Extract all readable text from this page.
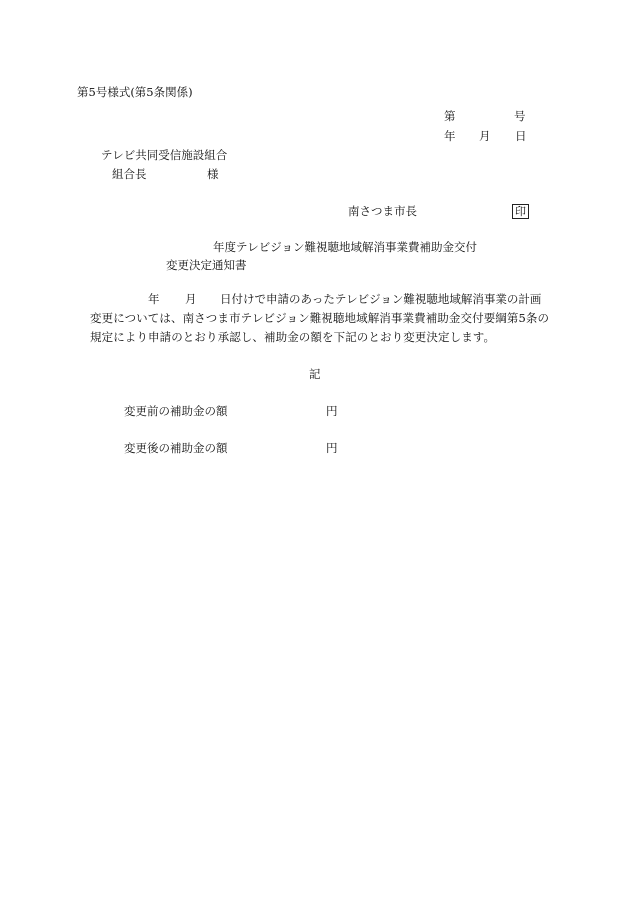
第5号様式(第5条関係)
第	号
年 月 日
テレビ共同受信施設組合
組合長	様
南さつま市長	印
年度テレビジョン難視聴地域解消事業費補助金交付
変更決定通知書
年 月 日付けで申請のあったテレビジョン難視聴地域解消事業の計画
変更については、南さつま市テレビジョン難視聴地域解消事業費補助金交付要綱第5条の
規定により申請のとおり承認し、補助金の額を下記のとおり変更決定します。
記
変更前の補助金の額	円
変更後の補助金の額	円
